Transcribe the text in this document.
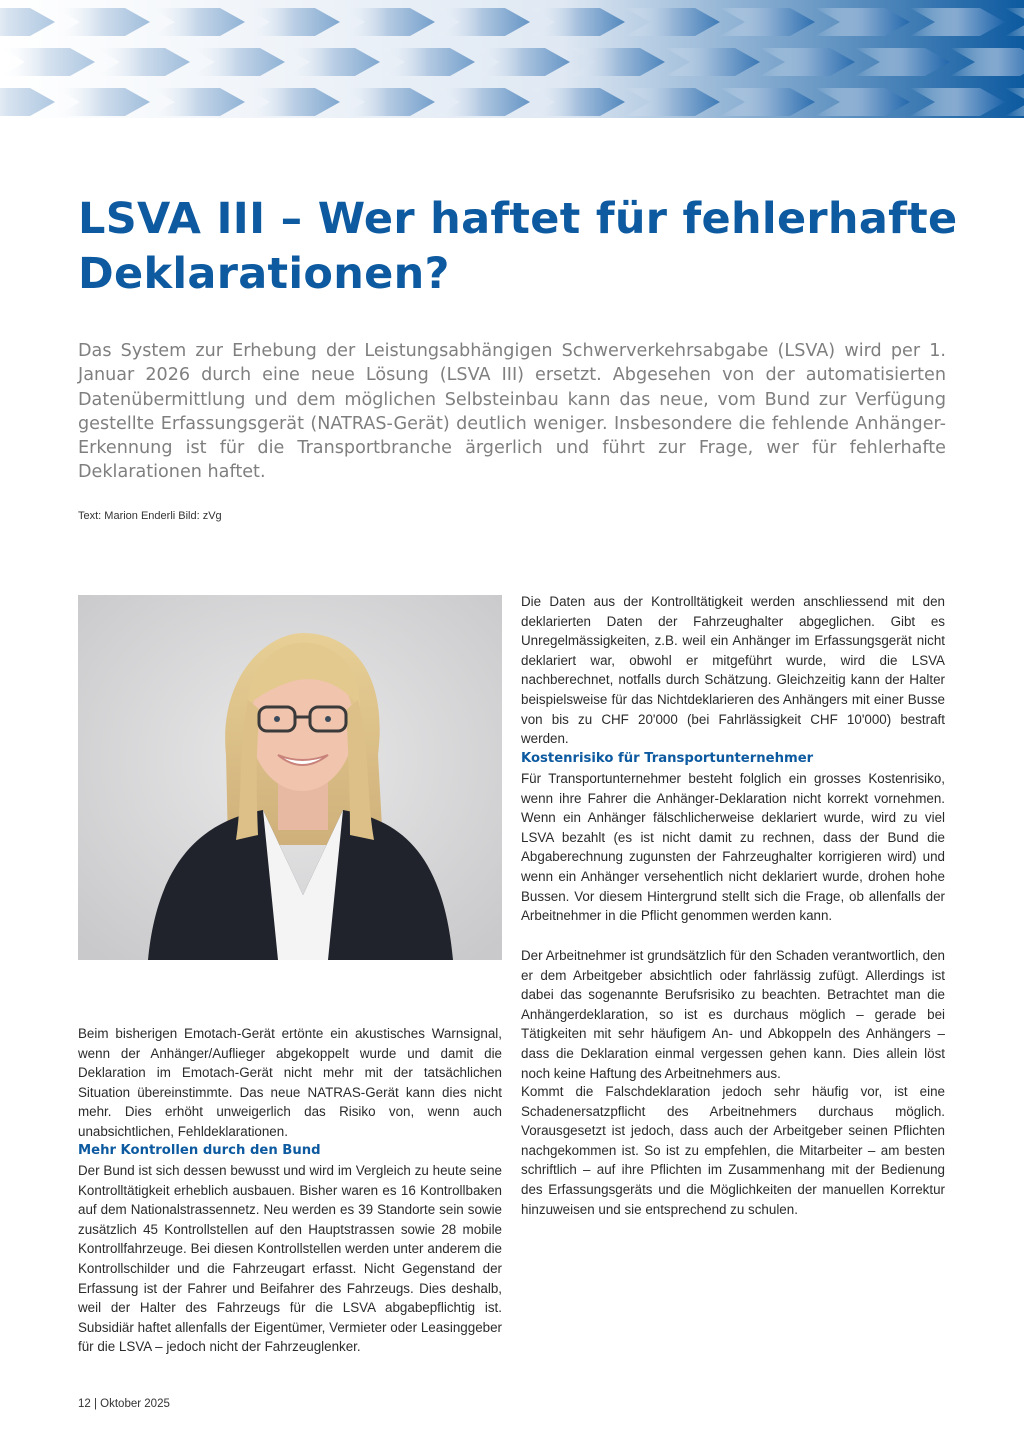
LSVA III – Wer haftet für fehlerhafte
Deklarationen?

Das System zur Erhebung der Leistungsabhängigen Schwerverkehrsabgabe (LSVA) wird per 1. Januar 2026 durch eine neue Lösung (LSVA III) ersetzt. Abgesehen von der automatisierten Datenübermittlung und dem möglichen Selbsteinbau kann das neue, vom Bund zur Verfügung gestellte Erfassungsgerät (NATRAS-Gerät) deutlich weniger. Insbesondere die fehlende Anhänger-Erkennung ist für die Transportbranche ärgerlich und führt zur Frage, wer für fehlerhafte Deklarationen haftet.

Text: Marion Enderli Bild: zVg

Beim bisherigen Emotach-Gerät ertönte ein akustisches Warnsignal, wenn der Anhänger/Auflieger abgekoppelt wurde und damit die Deklaration im Emotach-Gerät nicht mehr mit der tatsächlichen Situation übereinstimmte. Das neue NATRAS-Gerät kann dies nicht mehr. Dies erhöht unweigerlich das Risiko von, wenn auch unabsichtlichen, Fehldeklarationen.

Mehr Kontrollen durch den Bund

Der Bund ist sich dessen bewusst und wird im Vergleich zu heute seine Kontrolltätigkeit erheblich ausbauen. Bisher waren es 16 Kontrollbaken auf dem Nationalstrassennetz. Neu werden es 39 Standorte sein sowie zusätzlich 45 Kontrollstellen auf den Hauptstrassen sowie 28 mobile Kontrollfahrzeuge. Bei diesen Kontrollstellen werden unter anderem die Kontrollschilder und die Fahrzeugart erfasst. Nicht Gegenstand der Erfassung ist der Fahrer und Beifahrer des Fahrzeugs. Dies deshalb, weil der Halter des Fahrzeugs für die LSVA abgabepflichtig ist. Subsidiär haftet allenfalls der Eigentümer, Vermieter oder Leasinggeber für die LSVA – jedoch nicht der Fahrzeuglenker.

Die Daten aus der Kontrolltätigkeit werden anschliessend mit den deklarierten Daten der Fahrzeughalter abgeglichen. Gibt es Unregelmässigkeiten, z.B. weil ein Anhänger im Erfassungsgerät nicht deklariert war, obwohl er mitgeführt wurde, wird die LSVA nachberechnet, notfalls durch Schätzung. Gleichzeitig kann der Halter beispielsweise für das Nichtdeklarieren des Anhängers mit einer Busse von bis zu CHF 20'000 (bei Fahrlässigkeit CHF 10'000) bestraft werden.

Kostenrisiko für Transportunternehmer

Für Transportunternehmer besteht folglich ein grosses Kostenrisiko, wenn ihre Fahrer die Anhänger-Deklaration nicht korrekt vornehmen. Wenn ein Anhänger fälschlicherweise deklariert wurde, wird zu viel LSVA bezahlt (es ist nicht damit zu rechnen, dass der Bund die Abgaberechnung zugunsten der Fahrzeughalter korrigieren wird) und wenn ein Anhänger versehentlich nicht deklariert wurde, drohen hohe Bussen. Vor diesem Hintergrund stellt sich die Frage, ob allenfalls der Arbeitnehmer in die Pflicht genommen werden kann.

Der Arbeitnehmer ist grundsätzlich für den Schaden verantwortlich, den er dem Arbeitgeber absichtlich oder fahrlässig zufügt. Allerdings ist dabei das sogenannte Berufsrisiko zu beachten. Betrachtet man die Anhängerdeklaration, so ist es durchaus möglich – gerade bei Tätigkeiten mit sehr häufigem An- und Abkoppeln des Anhängers – dass die Deklaration einmal vergessen gehen kann. Dies allein löst noch keine Haftung des Arbeitnehmers aus.

Kommt die Falschdeklaration jedoch sehr häufig vor, ist eine Schadenersatzpflicht des Arbeitnehmers durchaus möglich. Vorausgesetzt ist jedoch, dass auch der Arbeitgeber seinen Pflichten nachgekommen ist. So ist zu empfehlen, die Mitarbeiter – am besten schriftlich – auf ihre Pflichten im Zusammenhang mit der Bedienung des Erfassungsgeräts und die Möglichkeiten der manuellen Korrektur hinzuweisen und sie entsprechend zu schulen.

12 | Oktober 2025
